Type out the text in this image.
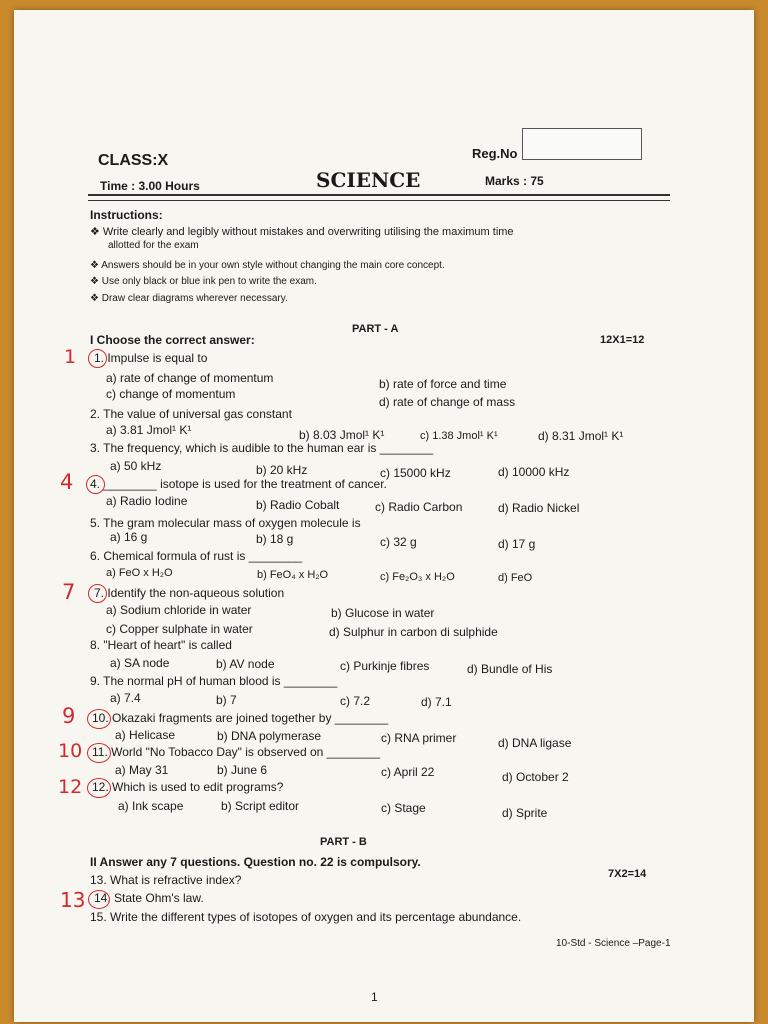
CLASS:X
SCIENCE
Reg.No
Time : 3.00 Hours	Marks : 75
Instructions:
❖ Write clearly and legibly without mistakes and overwriting utilising the maximum time
allotted for the exam
❖ Answers should be in your own style without changing the main core concept.
❖ Use only black or blue ink pen to write the exam.
❖ Draw clear diagrams wherever necessary.
PART - A
I Choose the correct answer:	12X1=12
1. Impulse is equal to
a) rate of change of momentum	b) rate of force and time
c) change of momentum
d) rate of change of mass
2. The value of universal gas constant
a) 3.81 Jmol¹ K¹	b) 8.03 Jmol¹ K¹	c) 1.38 Jmol¹ K¹	d) 8.31 Jmol¹ K¹
3. The frequency, which is audible to the human ear is ________
a) 50 kHz	b) 20 kHz	c) 15000 kHz	d) 10000 kHz
4. ________ isotope is used for the treatment of cancer.
a) Radio Iodine	b) Radio Cobalt	c) Radio Carbon	d) Radio Nickel
5. The gram molecular mass of oxygen molecule is
a) 16 g	b) 18 g	c) 32 g	d) 17 g
6. Chemical formula of rust is ________
a) FeO x H₂O	b) FeO₄ x H₂O	c) Fe₂O₃ x H₂O	d) FeO
7. Identify the non-aqueous solution
a) Sodium chloride in water	b) Glucose in water
c) Copper sulphate in water	d) Sulphur in carbon di sulphide
8. "Heart of heart" is called
a) SA node	b) AV node	c) Purkinje fibres	d) Bundle of His
9. The normal pH of human blood is ________
a) 7.4	b) 7	c) 7.2	d) 7.1
10. Okazaki fragments are joined together by ________
a) Helicase	b) DNA polymerase	c) RNA primer	d) DNA ligase
11. World "No Tobacco Day" is observed on ________
a) May 31	b) June 6	c) April 22	d) October 2
12. Which is used to edit programs?
a) Ink scape	b) Script editor	c) Stage	d) Sprite
PART - B
II Answer any 7 questions. Question no. 22 is compulsory.
7X2=14
13. What is refractive index?
14. State Ohm's law.
15. Write the different types of isotopes of oxygen and its percentage abundance.
10-Std - Science –Page-1
1
1
4
7
9
10
12
13
